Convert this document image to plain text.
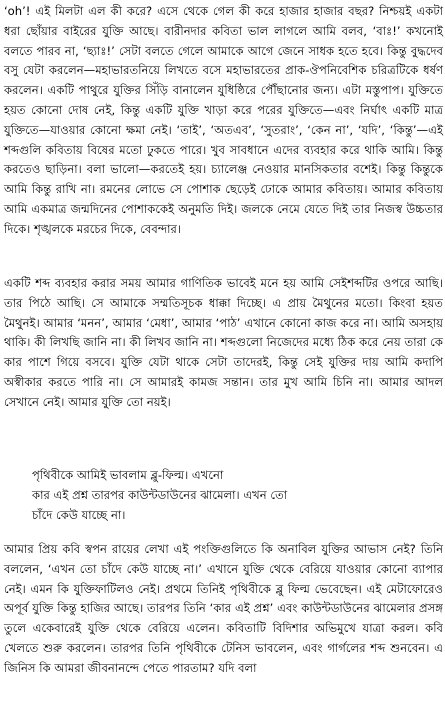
‘oh’! এই মিলটা এল কী করে? এসে থেকে গেল কী করে হাজার হাজার বছর? নিশ্চয়ই একটা ধরা ছোঁয়ার বাইরের যুক্তি আছে। বারীনদার কবিতা ভাল লাগলে আমি বলব, ‘বাঃ!’ কখনোই বলতে পারব না, ‘ছ্যাঃ!’ সেটা বলতে গেলে আমাকে আগে জেনে সাধক হতে হবে। কিন্তু বুদ্ধদেব বসু যেটা করলেন—মহাভারতনিয়ে লিখতে বসে মহাভারতের প্রাক-ঔপনিবেশিক চরিত্রটিকে ধর্ষণ করলেন। একটি পাথুরে যুক্তির সিঁড়ি বানালেন যুধিষ্ঠিরে পৌঁছানোর জন্য। এটা মস্তুপাপ। যুক্তিতে হয়ত কোনো দোষ নেই, কিন্তু একটি যুক্তি খাড়া করে পরের যুক্তিতে—এবং নির্ঘাৎ একটি মাত্র যুক্তিতে—যাওয়ার কোনো ক্ষমা নেই। ‘তাই’, ‘অতএব’, ‘সুতরাং’, ‘কেন না’, ‘যদি’, ‘কিন্তু’—এই শব্দগুলি কবিতায় বিষের মতো ঢুকতে পারে। খুব সাবধানে এদের ব্যবহার করে থাকি আমি। কিন্তু করতেও ছাড়িনা। বলা ভালো—করতেই হয়। চ্যালেঞ্জ নেওয়ার মানসিকতার বশেই। কিন্তু কিন্তুকে আমি কিন্তু রাখি না। রমনের লোভে সে পোশাক ছেড়েই ঢোকে আমার কবিতায়। আমার কবিতায় আমি একমাত্র জন্মদিনের পোশাককেই অনুমতি দিই। জলকে নেমে যেতে দিই তার নিজস্ব উচ্চতার দিকে। শৃঙ্খলকে মরচের দিকে, বেবন্দার।

একটি শব্দ ব্যবহার করার সময় আমার গাণিতিক ভাবেই মনে হয় আমি সেইশব্দটির ওপরে আছি। তার পিঠে আছি। সে আমাকে সম্মতিসূচক ধাক্কা দিচ্ছে। এ প্রায় মৈথুনের মতো। কিংবা হয়ত মৈথুনই। আমার ‘মনন’, আমার ‘মেধা’, আমার ‘পাঠ’ এখানে কোনো কাজ করে না। আমি অসহায় থাকি। কী লিখছি জানি না। কী লিখব জানি না। শব্দগুলো নিজেদের মধ্যে ঠিক করে নেয় তারা কে কার পাশে গিয়ে বসবে। যুক্তি যেটা থাকে সেটা তাদেরই, কিন্তু সেই যুক্তির দায় আমি কদাপি অস্বীকার করতে পারি না। সে আমারই কামজ সন্তান। তার মুখ আমি চিনি না। আমার আদল সেখানে নেই। আমার যুক্তি তো নয়ই।

পৃথিবীকে আমিই ভাবলাম ব্লু-ফিল্ম। এখনো
কার এই প্রশ্ন তারপর কাউন্টডাউনের ঝামেলা। এখন তো
চাঁদে কেউ যাচ্ছে না।

আমার প্রিয় কবি স্বপন রায়ের লেখা এই পংক্তিগুলিতে কি অনাবিল যুক্তির আভাস নেই? তিনি বললেন, ‘এখন তো চাঁদে কেউ যাচ্ছে না।’ এখানে যুক্তি থেকে বেরিয়ে যাওয়ার কোনো ব্যাপার নেই। এমন কি যুক্তিফাটিলও নেই। প্রথমে তিনিই পৃথিবীকে ব্লু ফিল্ম ভেবেছেন। এই মেটাফোরেও অপূর্ব যুক্তি কিন্তু হাজির আছে। তারপর তিনি ‘কার এই প্রশ্ন’ এবং কাউন্টডাউনের ঝামেলার প্রসঙ্গ তুলে একেবারেই যুক্তি থেকে বেরিয়ে এলেন। কবিতাটি বিদিশার অভিমুখে যাত্রা করল। কবি খেলতে শুরু করলেন। তারপর তিনি পৃথিবীকে টেনিস ভাবলেন, এবং গার্গলের শব্দ শুনবেন। এ জিনিস কি আমরা জীবনানন্দে পেতে পারতাম? যদি বলা
